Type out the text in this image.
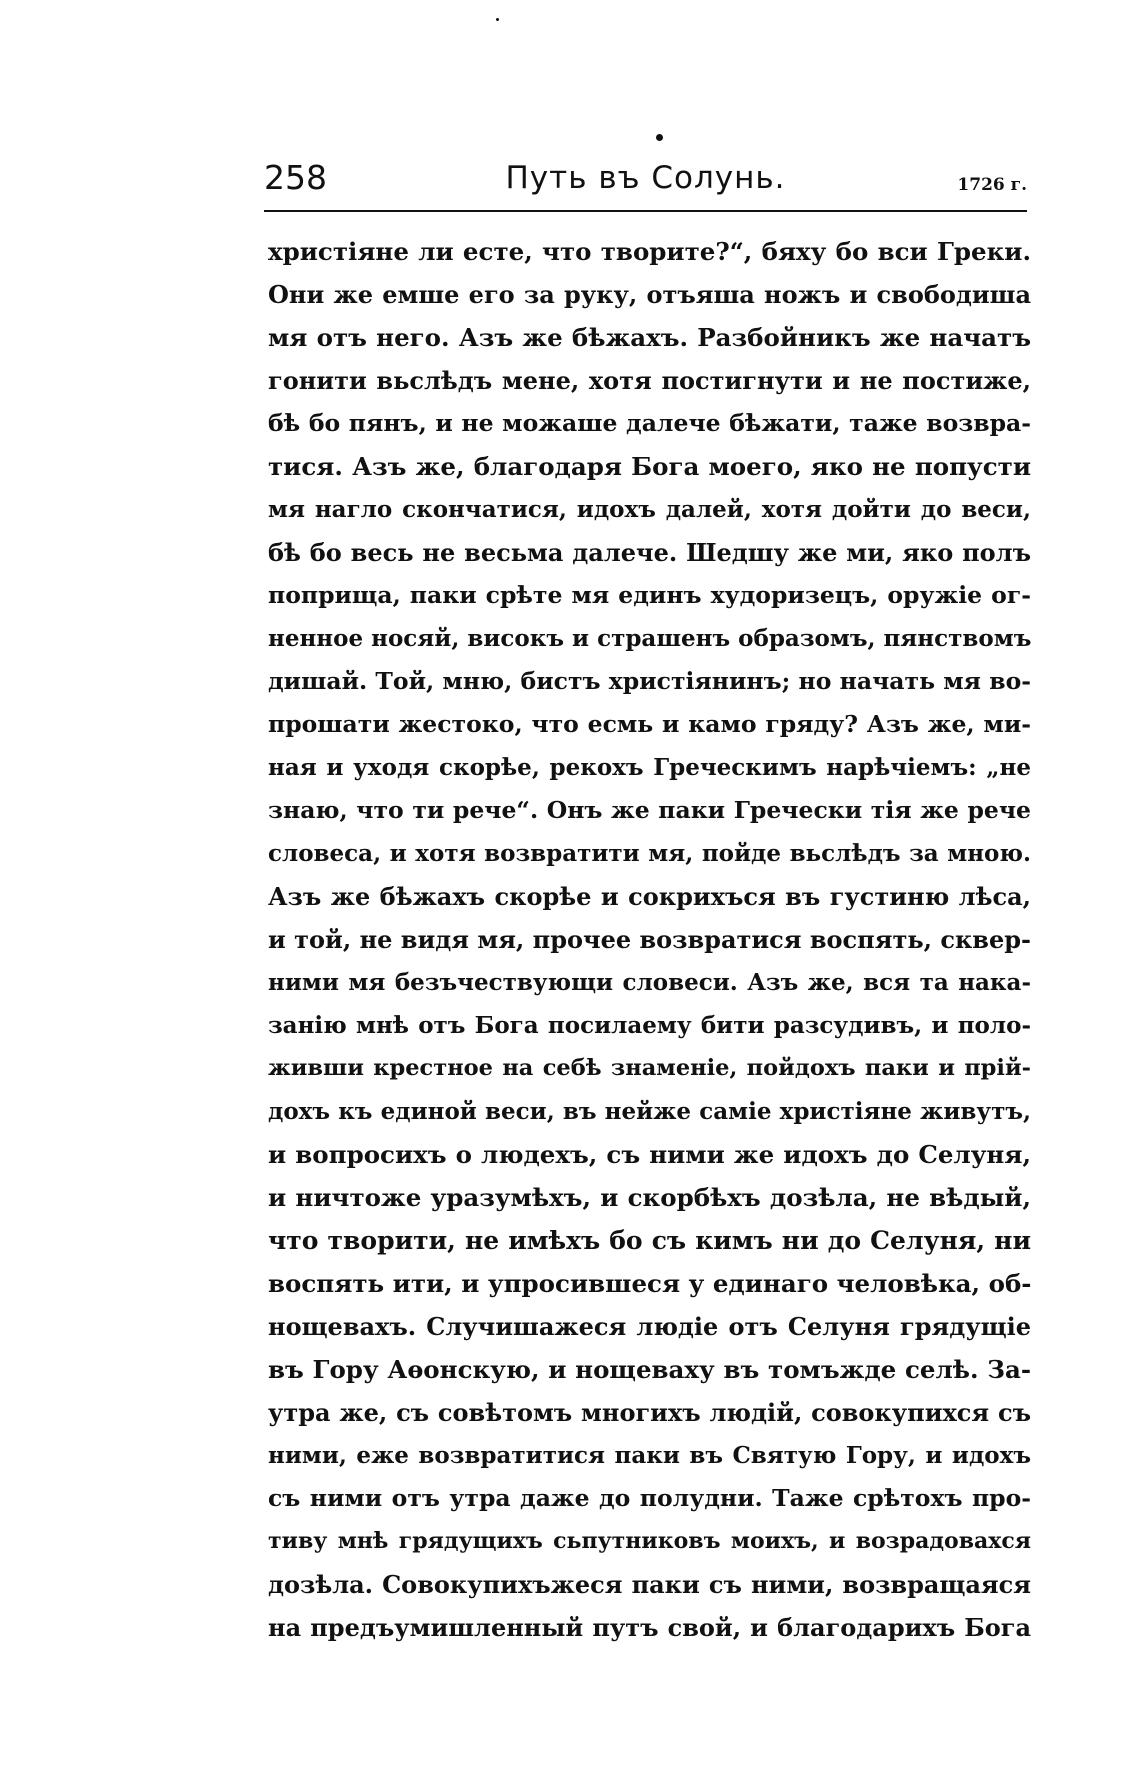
258	Путь въ Солунь.	1726 г.
христіяне ли есте, что творите?“, бяху бо вси Греки.
Они же емше его за руку, отъяша ножъ и свободиша
мя отъ него. Азъ же бѣжахъ. Разбойникъ же начатъ
гонити вьслѣдъ мене, хотя постигнути и не постиже,
бѣ бо пянъ, и не можаше далече бѣжати, таже возвра-
тися. Азъ же, благодаря Бога моего, яко не попусти
мя нагло скончатися, идохъ далей, хотя дойти до веси,
бѣ бо весь не весьма далече. Шедшу же ми, яко полъ
поприща, паки срѣте мя единъ худоризецъ, оружіе ог-
ненное носяй, високъ и страшенъ образомъ, пянствомъ
дишай. Той, мню, бистъ христіянинъ; но начать мя во-
прошати жестоко, что есмь и камо гряду? Азъ же, ми-
ная и уходя скорѣе, рекохъ Греческимъ нарѣчіемъ: „не
знаю, что ти рече“. Онъ же паки Гречески тія же рече
словеса, и хотя возвратити мя, пойде вьслѣдъ за мною.
Азъ же бѣжахъ скорѣе и сокрихъся въ густиню лѣса,
и той, не видя мя, прочее возвратися воспять, сквер-
ними мя безъчествующи словеси. Азъ же, вся та нака-
занію мнѣ отъ Бога посилаему бити разсудивъ, и поло-
живши крестное на себѣ знаменіе, пойдохъ паки и прій-
дохъ къ единой веси, въ нейже саміе христіяне живутъ,
и вопросихъ о людехъ, съ ними же идохъ до Селуня,
и ничтоже уразумѣхъ, и скорбѣхъ дозѣла, не вѣдый,
что творити, не имѣхъ бо съ кимъ ни до Селуня, ни
воспять ити, и упросившеся у единаго человѣка, об-
нощевахъ. Случишажеся людіе отъ Селуня грядущіе
въ Гору Аѳонскую, и нощеваху въ томъжде селѣ. За-
утра же, съ совѣтомъ многихъ людій, совокупихся съ
ними, еже возвратитися паки въ Святую Гору, и идохъ
съ ними отъ утра даже до полудни. Таже срѣтохъ про-
тиву мнѣ грядущихъ сьпутниковъ моихъ, и возрадовахся
дозѣла. Совокупихъжеся паки съ ними, возвращаяся
на предъумишленный путъ свой, и благодарихъ Бога
